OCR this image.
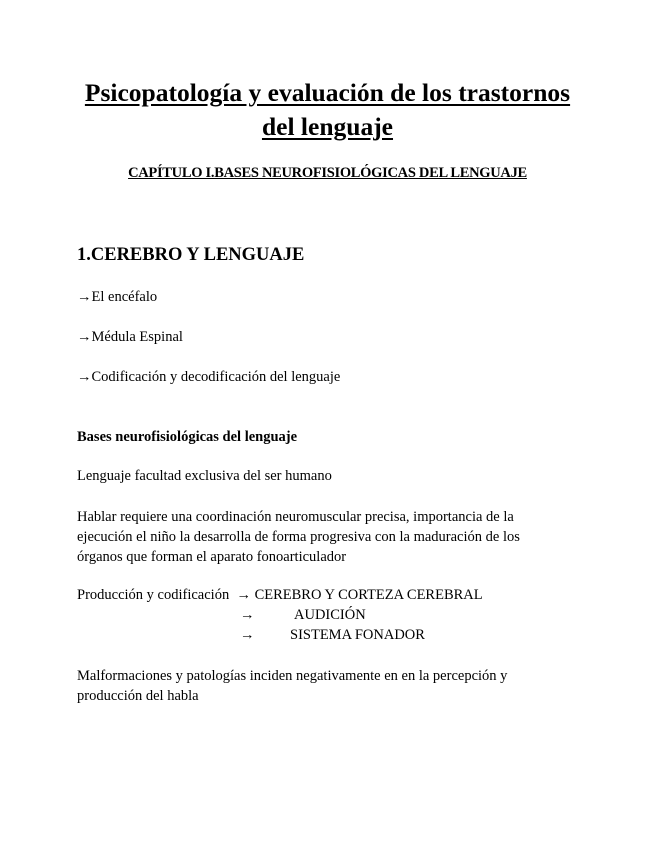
Psicopatología y evaluación de los trastornos
del lenguaje
CAPÍTULO I.BASES NEUROFISIOLÓGICAS DEL LENGUAJE
1.CEREBRO Y LENGUAJE
→El encéfalo
→Médula Espinal
→Codificación y decodificación del lenguaje
Bases neurofisiológicas del lenguaje
Lenguaje facultad exclusiva del ser humano
Hablar requiere una coordinación neuromuscular precisa, importancia de la ejecución el niño la desarrolla de forma progresiva con la maduración de los órganos que forman el aparato fonoarticulador
Producción y codificación → CEREBRO Y CORTEZA CEREBRAL
→	AUDICIÓN
→ SISTEMA FONADOR
Malformaciones y patologías inciden negativamente en en la percepción y producción del habla
